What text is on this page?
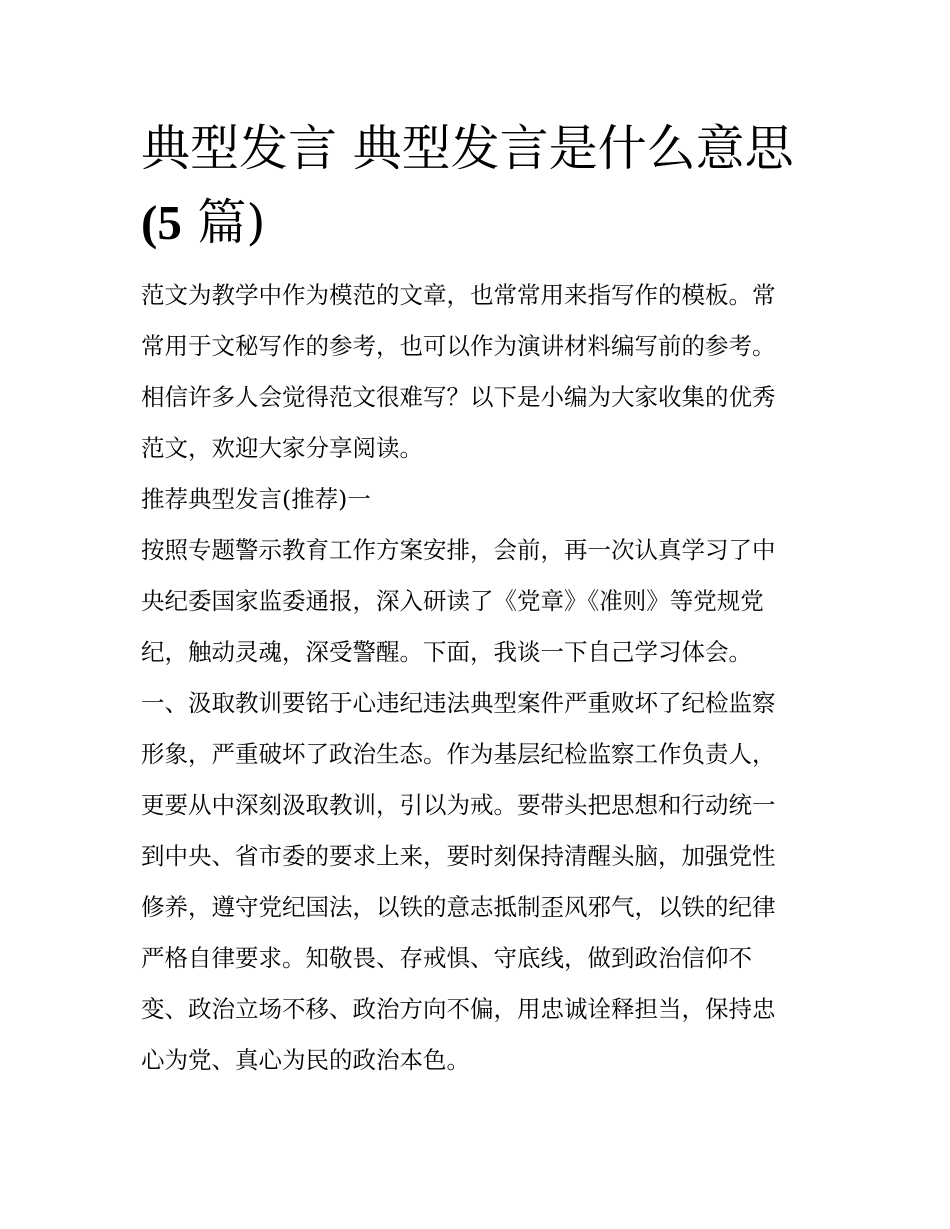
典型发言 典型发言是什么意思
(5 篇)

范文为教学中作为模范的文章，也常常用来指写作的模板。常

常用于文秘写作的参考，也可以作为演讲材料编写前的参考。

相信许多人会觉得范文很难写？以下是小编为大家收集的优秀

范文，欢迎大家分享阅读。

推荐典型发言(推荐)一

按照专题警示教育工作方案安排，会前，再一次认真学习了中

央纪委国家监委通报，深入研读了《党章》《准则》等党规党

纪，触动灵魂，深受警醒。下面，我谈一下自己学习体会。

一、汲取教训要铭于心违纪违法典型案件严重败坏了纪检监察

形象，严重破坏了政治生态。作为基层纪检监察工作负责人，

更要从中深刻汲取教训，引以为戒。要带头把思想和行动统一

到中央、省市委的要求上来，要时刻保持清醒头脑，加强党性

修养，遵守党纪国法，以铁的意志抵制歪风邪气，以铁的纪律

严格自律要求。知敬畏、存戒惧、守底线，做到政治信仰不

变、政治立场不移、政治方向不偏，用忠诚诠释担当，保持忠

心为党、真心为民的政治本色。
